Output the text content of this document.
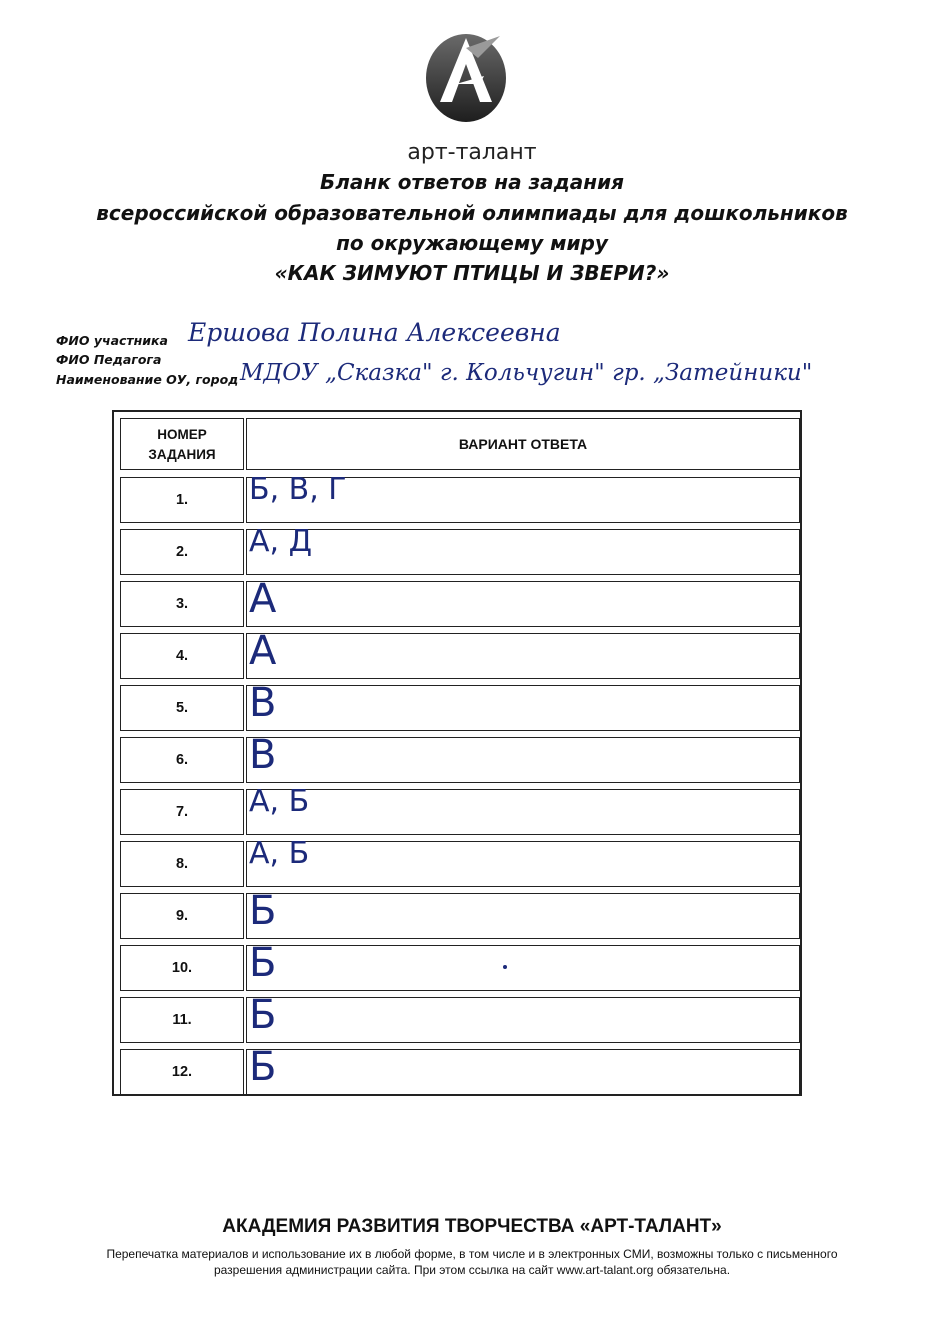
арт-талант
Бланк ответов на задания
всероссийской образовательной олимпиады для дошкольников
по окружающему миру
«КАК ЗИМУЮТ ПТИЦЫ И ЗВЕРИ?»
ФИО участника Ершова Полина Алексеевна
ФИО Педагога
Наименование ОУ, город МДОУ „Сказка" г. Кольчугин" гр. „Затейники"
НОМЕР
ЗАДАНИЯ
ВАРИАНТ ОТВЕТА
1.	Б, В, Г
2.	А, Д
3.	А
4.	А
5.	В
6.	В
7.	А, Б
8.	А, Б
9.	Б
10.	Б
11.	Б
12.	Б
АКАДЕМИЯ РАЗВИТИЯ ТВОРЧЕСТВА «АРТ-ТАЛАНТ»
Перепечатка материалов и использование их в любой форме, в том числе и в электронных СМИ, возможны только с письменного разрешения администрации сайта. При этом ссылка на сайт www.art-talant.org обязательна.
